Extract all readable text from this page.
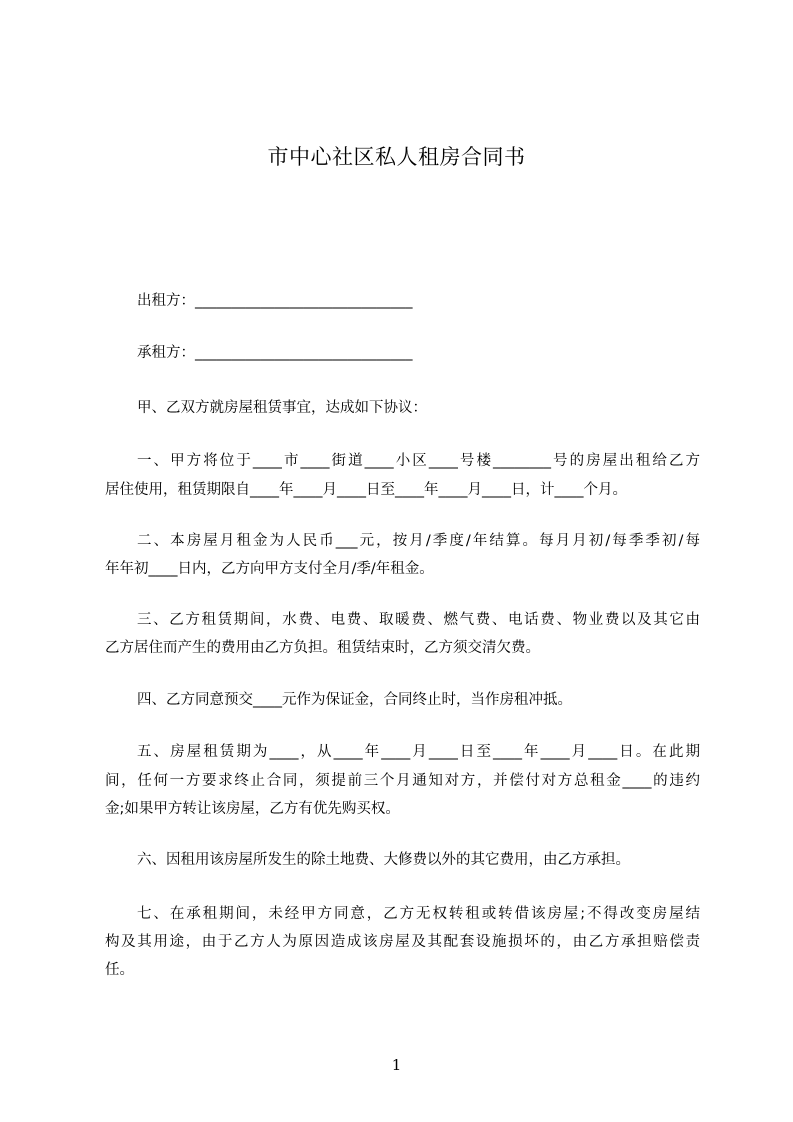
市中心社区私人租房合同书
出租方：______________________________
承租方：______________________________
甲、乙双方就房屋租赁事宜，达成如下协议：
一、甲方将位于____市____街道____小区____号楼________号的房屋出租给乙方
居住使用，租赁期限自____年____月____日至____年____月____日，计____个月。
二、本房屋月租金为人民币___元，按月/季度/年结算。每月月初/每季季初/每
年年初____日内，乙方向甲方支付全月/季/年租金。
三、乙方租赁期间，水费、电费、取暖费、燃气费、电话费、物业费以及其它由
乙方居住而产生的费用由乙方负担。租赁结束时，乙方须交清欠费。
四、乙方同意预交____元作为保证金，合同终止时，当作房租冲抵。
五、房屋租赁期为____，从____年____月____日至____年____月____日。在此期
间，任何一方要求终止合同，须提前三个月通知对方，并偿付对方总租金____的违约
金;如果甲方转让该房屋，乙方有优先购买权。
六、因租用该房屋所发生的除土地费、大修费以外的其它费用，由乙方承担。
七、在承租期间，未经甲方同意，乙方无权转租或转借该房屋;不得改变房屋结
构及其用途，由于乙方人为原因造成该房屋及其配套设施损坏的，由乙方承担赔偿责
任。
1
